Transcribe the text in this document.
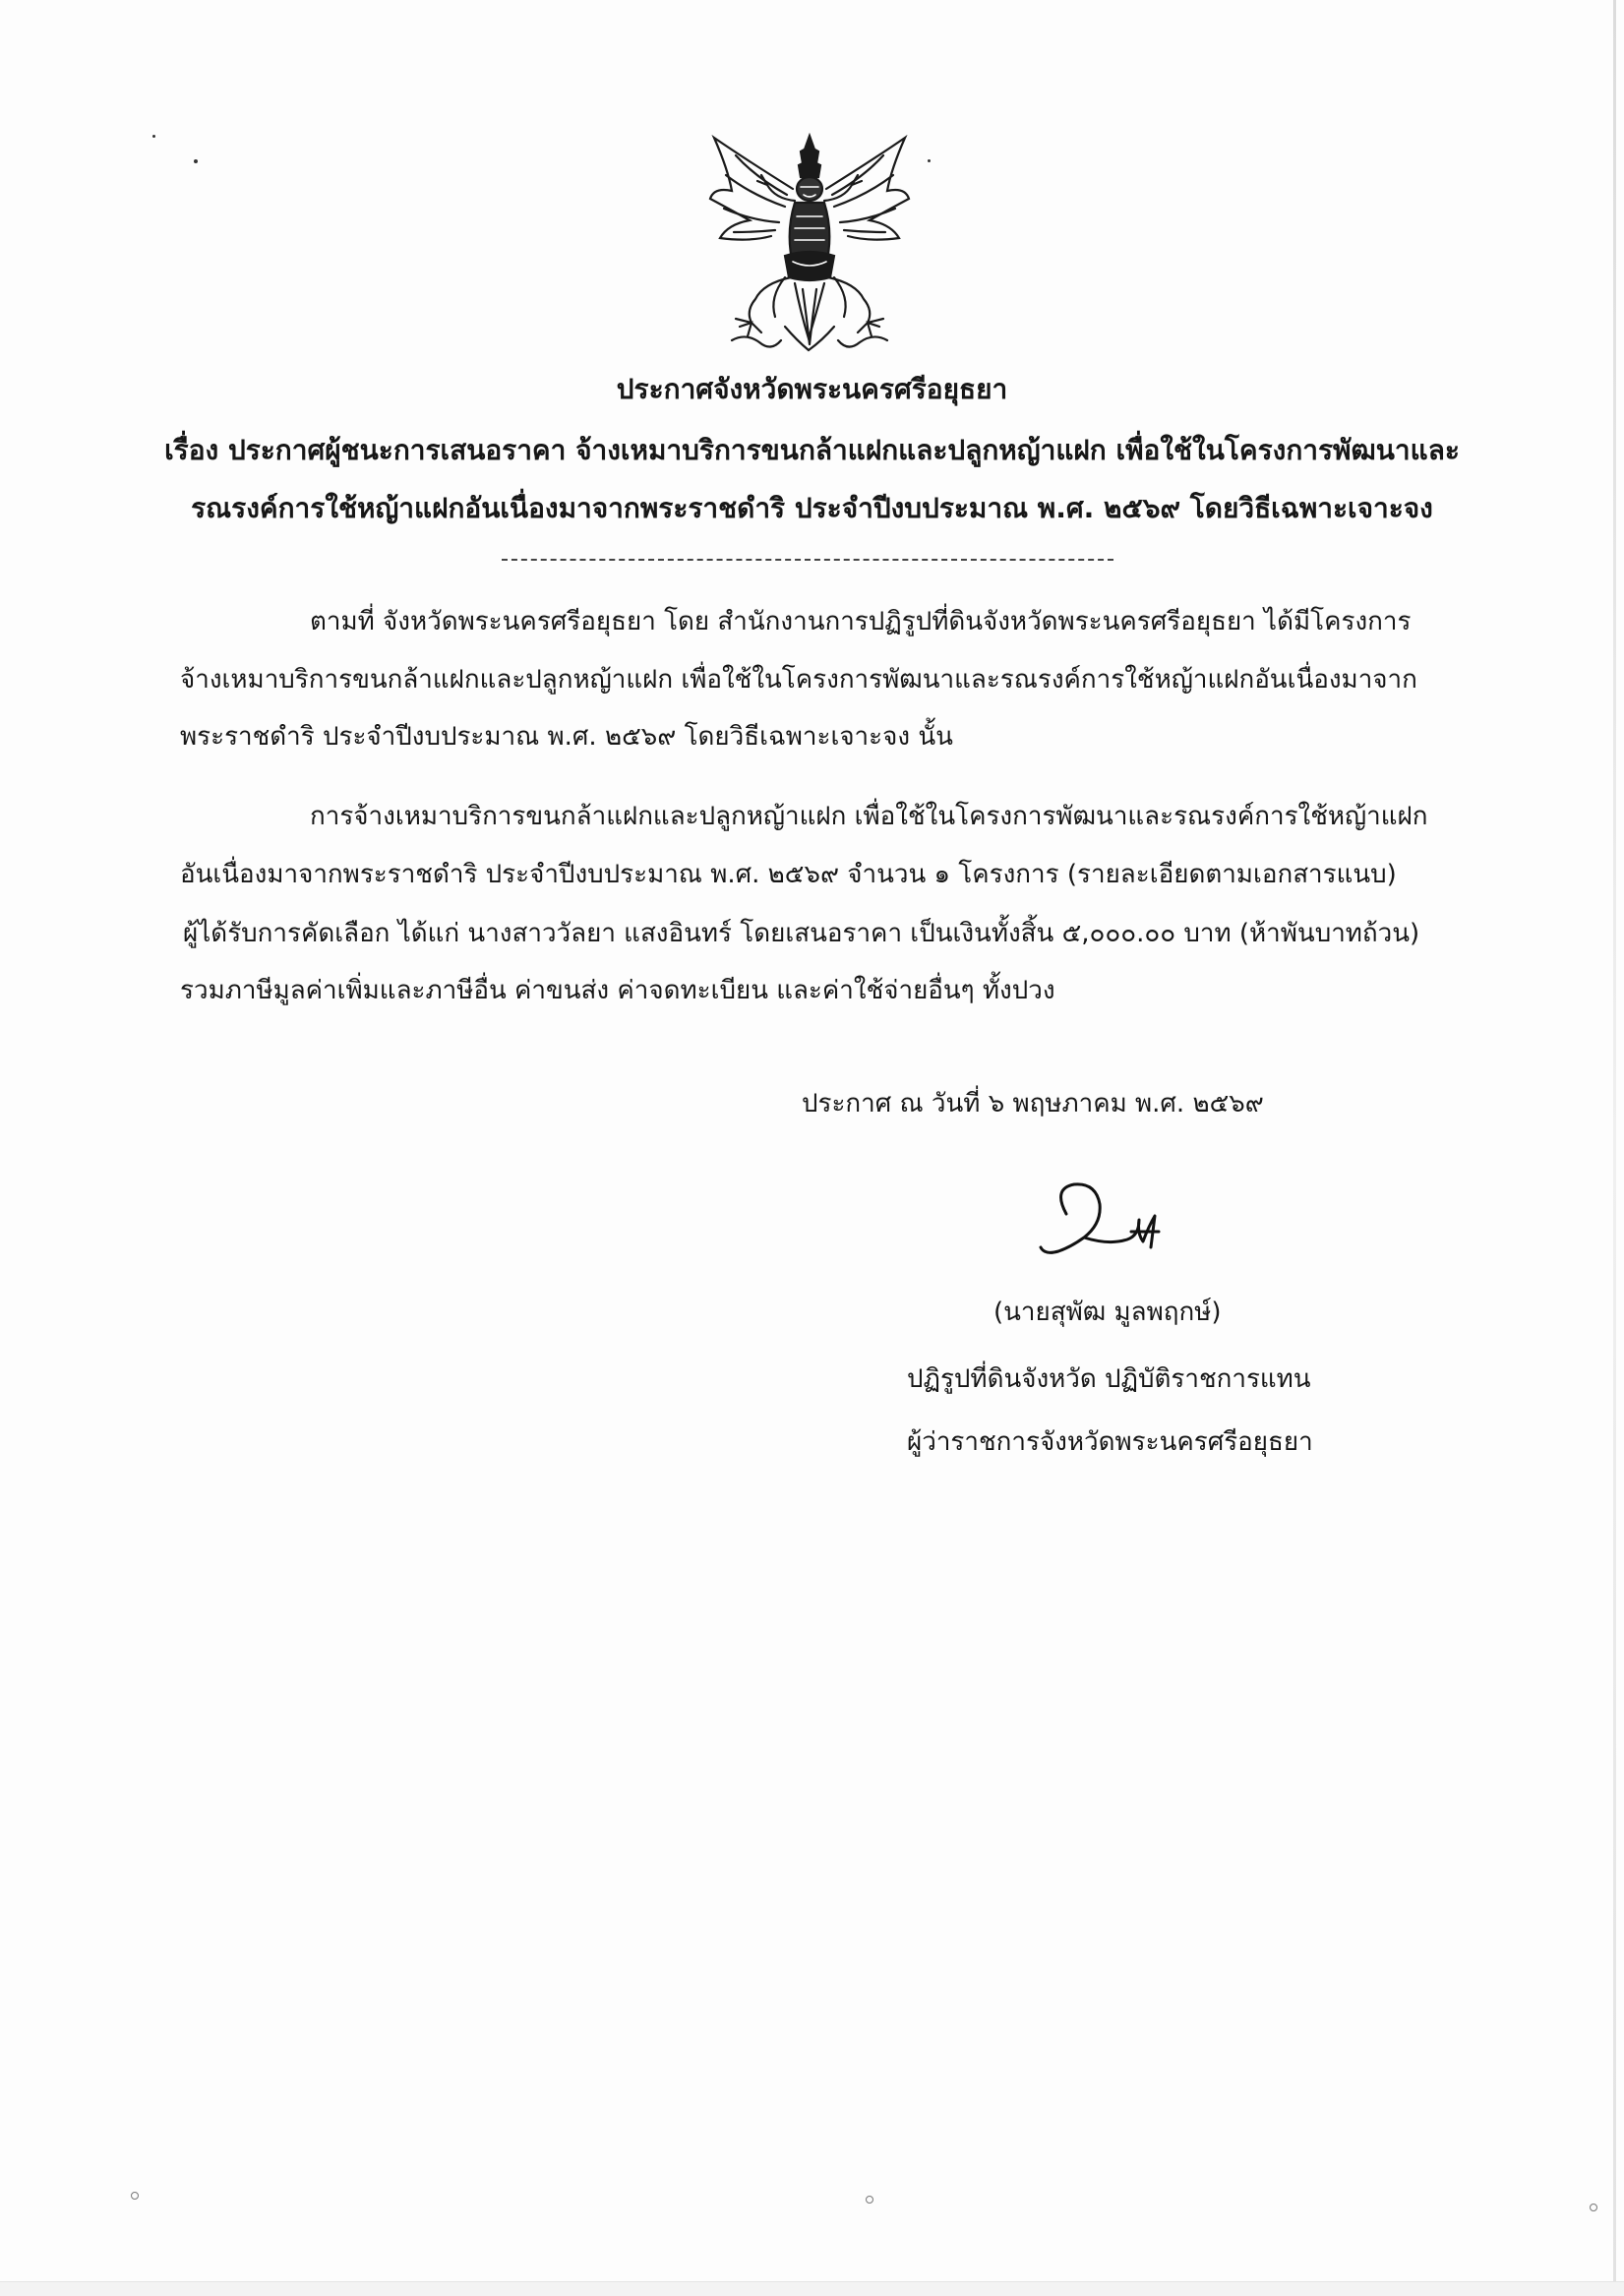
ประกาศจังหวัดพระนครศรีอยุธยา
เรื่อง ประกาศผู้ชนะการเสนอราคา จ้างเหมาบริการขนกล้าแฝกและปลูกหญ้าแฝก เพื่อใช้ในโครงการพัฒนาและ
รณรงค์การใช้หญ้าแฝกอันเนื่องมาจากพระราชดำริ ประจำปีงบประมาณ พ.ศ. ๒๕๖๙ โดยวิธีเฉพาะเจาะจง
ตามที่ จังหวัดพระนครศรีอยุธยา โดย สำนักงานการปฏิรูปที่ดินจังหวัดพระนครศรีอยุธยา ได้มีโครงการ
จ้างเหมาบริการขนกล้าแฝกและปลูกหญ้าแฝก เพื่อใช้ในโครงการพัฒนาและรณรงค์การใช้หญ้าแฝกอันเนื่องมาจาก
พระราชดำริ ประจำปีงบประมาณ พ.ศ. ๒๕๖๙ โดยวิธีเฉพาะเจาะจง นั้น
การจ้างเหมาบริการขนกล้าแฝกและปลูกหญ้าแฝก เพื่อใช้ในโครงการพัฒนาและรณรงค์การใช้หญ้าแฝก
อันเนื่องมาจากพระราชดำริ ประจำปีงบประมาณ พ.ศ. ๒๕๖๙ จำนวน ๑ โครงการ (รายละเอียดตามเอกสารแนบ)
ผู้ได้รับการคัดเลือก ได้แก่ นางสาววัลยา แสงอินทร์ โดยเสนอราคา เป็นเงินทั้งสิ้น ๕,๐๐๐.๐๐ บาท (ห้าพันบาทถ้วน)
รวมภาษีมูลค่าเพิ่มและภาษีอื่น ค่าขนส่ง ค่าจดทะเบียน และค่าใช้จ่ายอื่นๆ ทั้งปวง
ประกาศ ณ วันที่ ๖ พฤษภาคม พ.ศ. ๒๕๖๙
(นายสุพัฒ มูลพฤกษ์)
ปฏิรูปที่ดินจังหวัด ปฏิบัติราชการแทน
ผู้ว่าราชการจังหวัดพระนครศรีอยุธยา
